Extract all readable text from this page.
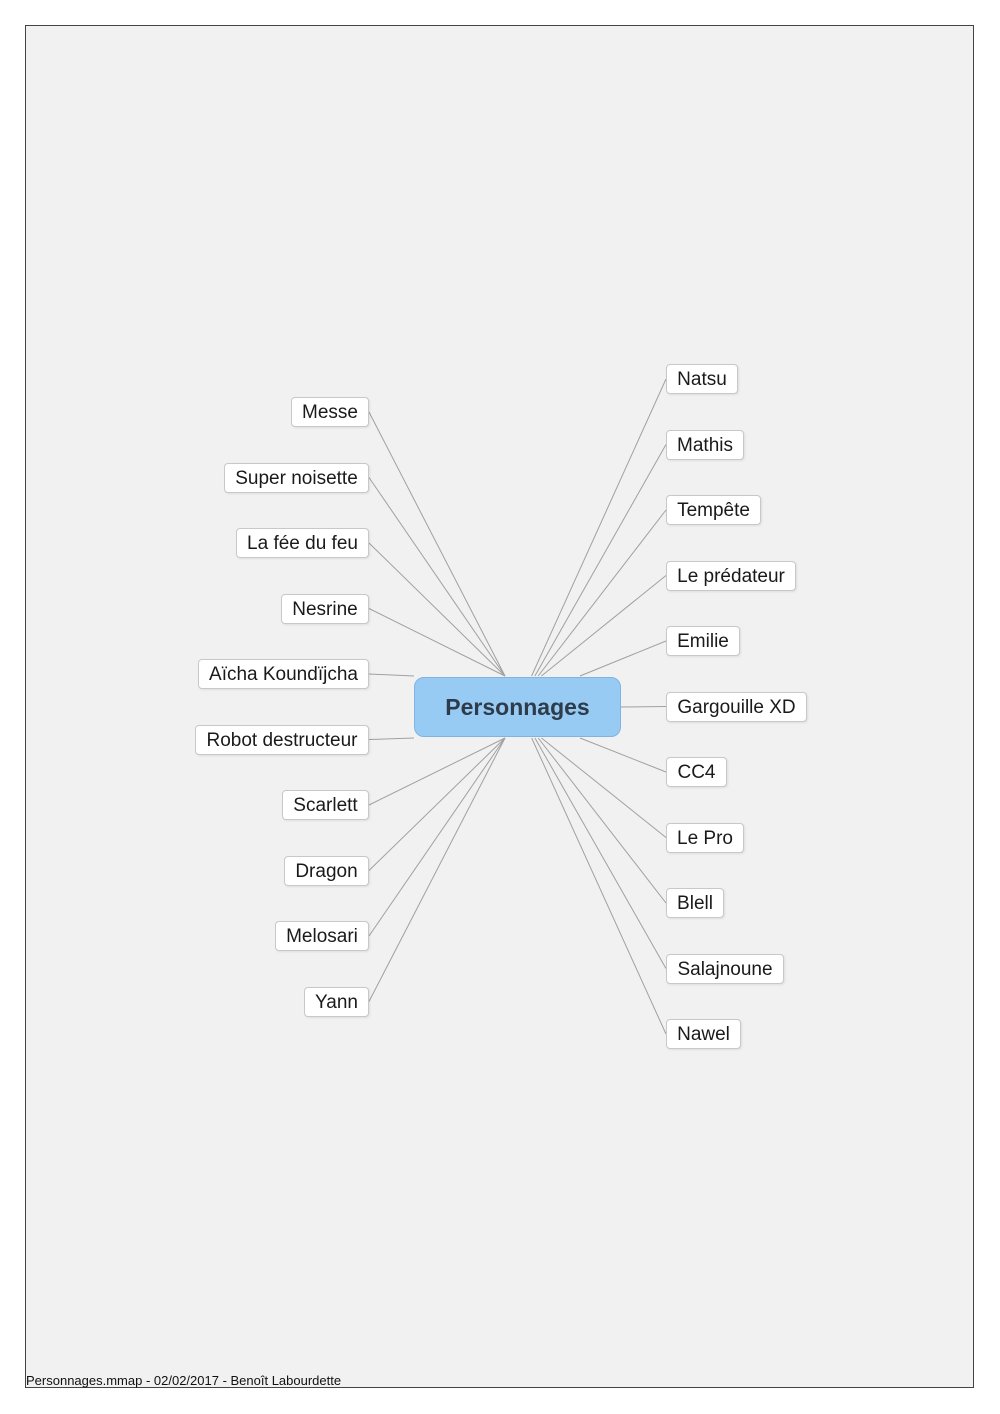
Messe
Super noisette
La fée du feu
Nesrine
Aïcha Koundïjcha
Robot destructeur
Scarlett
Dragon
Melosari
Yann
Natsu
Mathis
Tempête
Le prédateur
Emilie
Gargouille XD
CC4
Le Pro
Blell
Salajnoune
Nawel
Personnages
Personnages.mmap - 02/02/2017 - Benoît Labourdette
